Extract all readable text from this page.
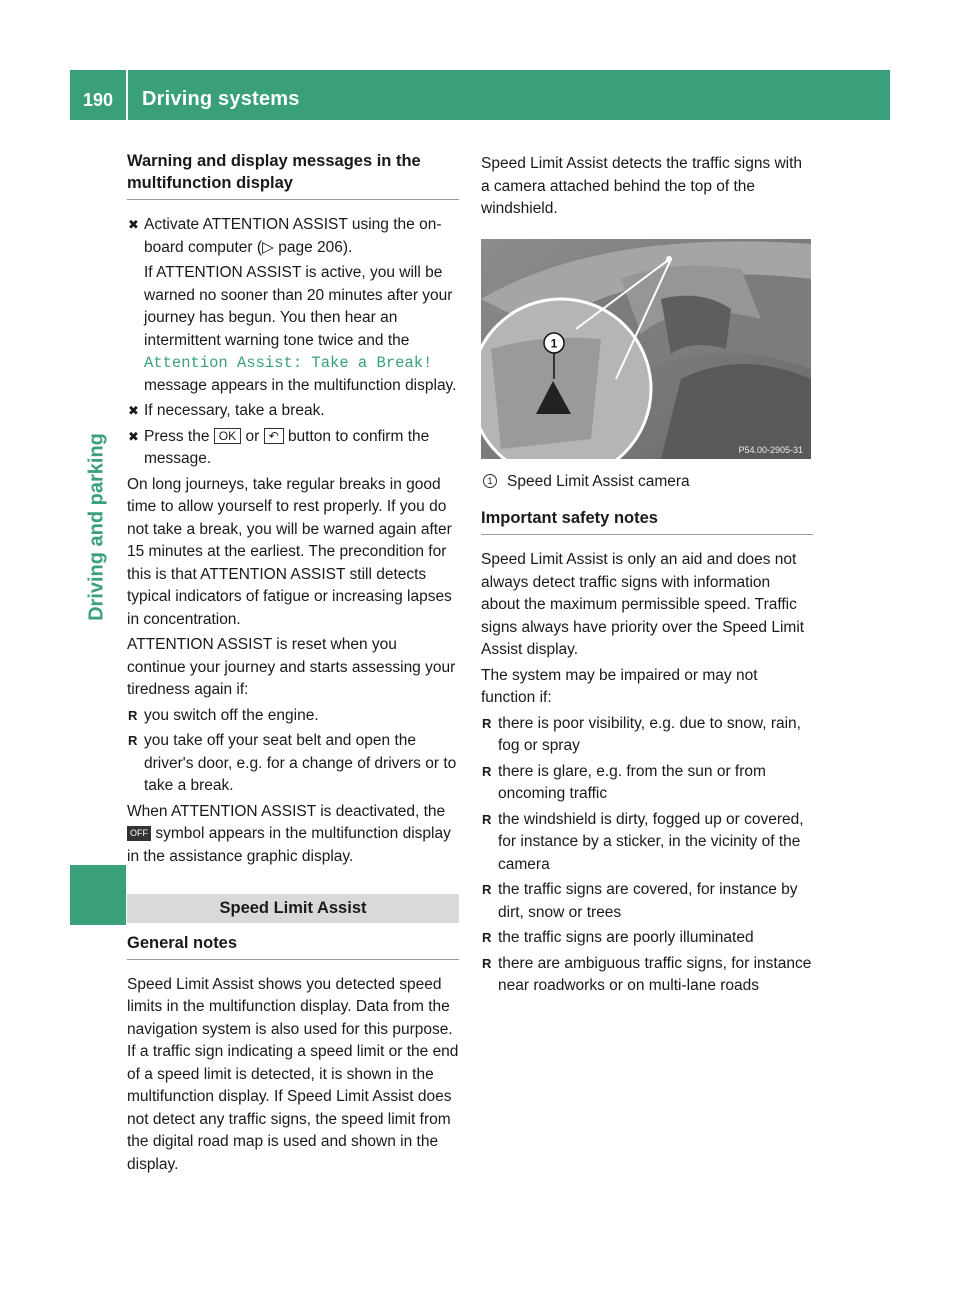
190	Driving systems
Driving and parking
Warning and display messages in the multifunction display
✖ Activate ATTENTION ASSIST using the on-board computer (▷ page 206).
If ATTENTION ASSIST is active, you will be warned no sooner than 20 minutes after your journey has begun. You then hear an intermittent warning tone twice and the Attention Assist: Take a Break! message appears in the multifunction display.
✖ If necessary, take a break.
✖ Press the OK or ↶ button to confirm the message.

On long journeys, take regular breaks in good time to allow yourself to rest properly. If you do not take a break, you will be warned again after 15 minutes at the earliest. The precondition for this is that ATTENTION ASSIST still detects typical indicators of fatigue or increasing lapses in concentration.

ATTENTION ASSIST is reset when you continue your journey and starts assessing your tiredness again if:

R you switch off the engine.
R you take off your seat belt and open the driver's door, e.g. for a change of drivers or to take a break.

When ATTENTION ASSIST is deactivated, the OFF symbol appears in the multifunction display in the assistance graphic display.

Speed Limit Assist
General notes

Speed Limit Assist shows you detected speed limits in the multifunction display. Data from the navigation system is also used for this purpose. If a traffic sign indicating a speed limit or the end of a speed limit is detected, it is shown in the multifunction display. If Speed Limit Assist does not detect any traffic signs, the speed limit from the digital road map is used and shown in the display.

Speed Limit Assist detects the traffic signs with a camera attached behind the top of the windshield.

1
P54.00-2905-31
1 Speed Limit Assist camera
Important safety notes

Speed Limit Assist is only an aid and does not always detect traffic signs with information about the maximum permissible speed. Traffic signs always have priority over the Speed Limit Assist display.

The system may be impaired or may not function if:

R there is poor visibility, e.g. due to snow, rain, fog or spray
R there is glare, e.g. from the sun or from oncoming traffic
R the windshield is dirty, fogged up or covered, for instance by a sticker, in the vicinity of the camera
R the traffic signs are covered, for instance by dirt, snow or trees
R the traffic signs are poorly illuminated
R there are ambiguous traffic signs, for instance near roadworks or on multi-lane roads
